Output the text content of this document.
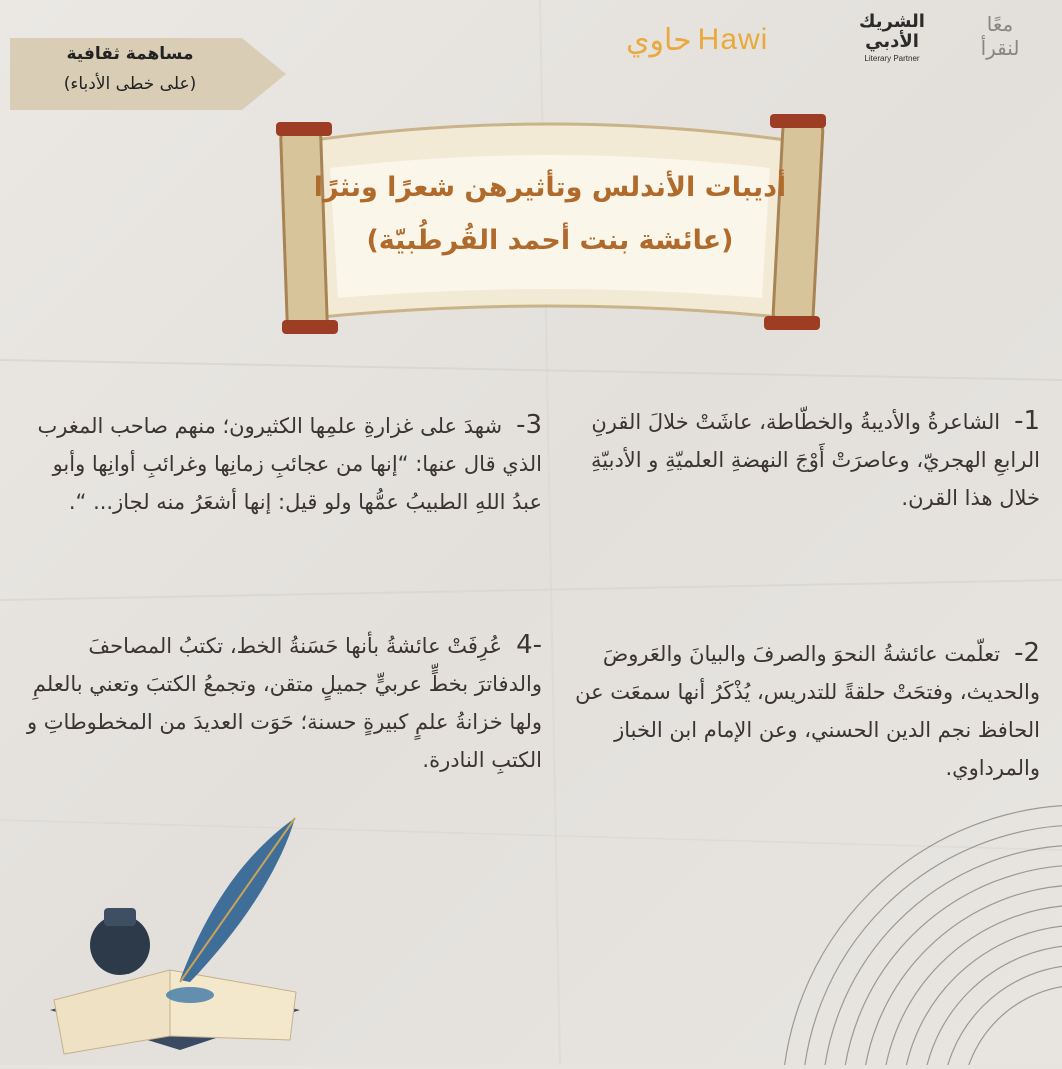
حاوي Hawi
الشريك
الأدبي
Literary Partner
معًا
لنقرأ
مساهمة ثقافية
(على خطى الأدباء)
أديبات الأندلس وتأثيرهن شعرًا ونثرًا
(عائشة بنت أحمد القُرطُبيّة)

1-الشاعرةُ والأديبةُ والخطّاطة، عاشَتْ خلالَ القرنِ الرابعِ الهجريّ، وعاصرَتْ أَوْجَ النهضةِ العلميّةِ و الأدبيّةِ خلال هذا القرن.

2-تعلّمت عائشةُ النحوَ والصرفَ والبيانَ والعَروضَ والحديث، وفتحَتْ حلقةً للتدريس، يُذْكَرُ أنها سمعَت عن الحافظ نجم الدين الحسني، وعن الإمام ابن الخباز والمرداوي.

3-شهدَ على غزارةِ علمِها الكثيرون؛ منهم صاحب المغرب الذي قال عنها: “إنها من عجائبِ زمانِها وغرائبِ أوانِها وأبو عبدُ اللهِ الطبيبُ عمُّها ولو قيل: إنها أشعَرُ منه لجاز... “.

-4عُرِفَتْ عائشةُ بأنها حَسَنةُ الخط، تكتبُ المصاحفَ والدفاترَ بخطٍّ عربيٍّ جميلٍ متقن، وتجمعُ الكتبَ وتعني بالعلمِ ولها خزانةُ علمٍ كبيرةٍ حسنة؛ حَوَت العديدَ من المخطوطاتِ و الكتبِ النادرة.
